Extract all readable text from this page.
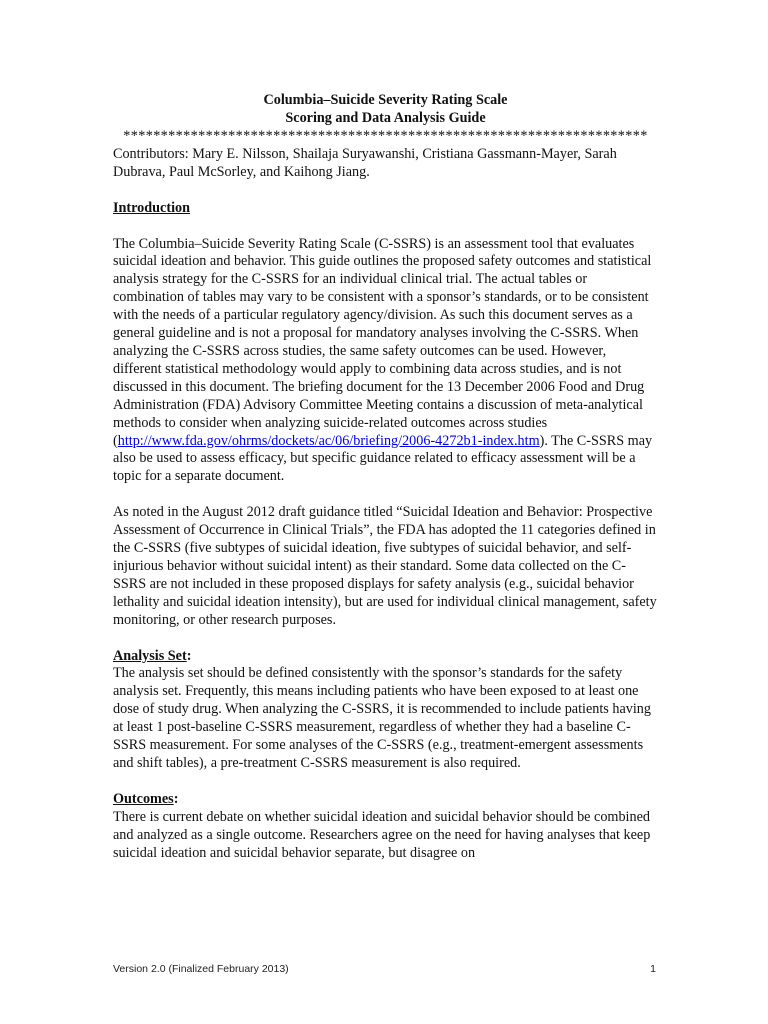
Columbia–Suicide Severity Rating Scale
Scoring and Data Analysis Guide
**********************************************************************

Contributors: Mary E. Nilsson, Shailaja Suryawanshi, Cristiana Gassmann-Mayer, Sarah Dubrava, Paul McSorley, and Kaihong Jiang.

Introduction

The Columbia–Suicide Severity Rating Scale (C-SSRS) is an assessment tool that evaluates suicidal ideation and behavior. This guide outlines the proposed safety outcomes and statistical analysis strategy for the C-SSRS for an individual clinical trial. The actual tables or combination of tables may vary to be consistent with a sponsor’s standards, or to be consistent with the needs of a particular regulatory agency/division. As such this document serves as a general guideline and is not a proposal for mandatory analyses involving the C-SSRS. When analyzing the C-SSRS across studies, the same safety outcomes can be used. However, different statistical methodology would apply to combining data across studies, and is not discussed in this document. The briefing document for the 13 December 2006 Food and Drug Administration (FDA) Advisory Committee Meeting contains a discussion of meta-analytical methods to consider when analyzing suicide-related outcomes across studies (http://www.fda.gov/ohrms/dockets/ac/06/briefing/2006-4272b1-index.htm). The C-SSRS may also be used to assess efficacy, but specific guidance related to efficacy assessment will be a topic for a separate document.

As noted in the August 2012 draft guidance titled “Suicidal Ideation and Behavior: Prospective Assessment of Occurrence in Clinical Trials”, the FDA has adopted the 11 categories defined in the C-SSRS (five subtypes of suicidal ideation, five subtypes of suicidal behavior, and self-injurious behavior without suicidal intent) as their standard. Some data collected on the C-SSRS are not included in these proposed displays for safety analysis (e.g., suicidal behavior lethality and suicidal ideation intensity), but are used for individual clinical management, safety monitoring, or other research purposes.

Analysis Set:

The analysis set should be defined consistently with the sponsor’s standards for the safety analysis set. Frequently, this means including patients who have been exposed to at least one dose of study drug. When analyzing the C-SSRS, it is recommended to include patients having at least 1 post-baseline C-SSRS measurement, regardless of whether they had a baseline C-SSRS measurement. For some analyses of the C-SSRS (e.g., treatment-emergent assessments and shift tables), a pre-treatment C-SSRS measurement is also required.

Outcomes:

There is current debate on whether suicidal ideation and suicidal behavior should be combined and analyzed as a single outcome. Researchers agree on the need for having analyses that keep suicidal ideation and suicidal behavior separate, but disagree on

Version 2.0 (Finalized February 2013)	1
